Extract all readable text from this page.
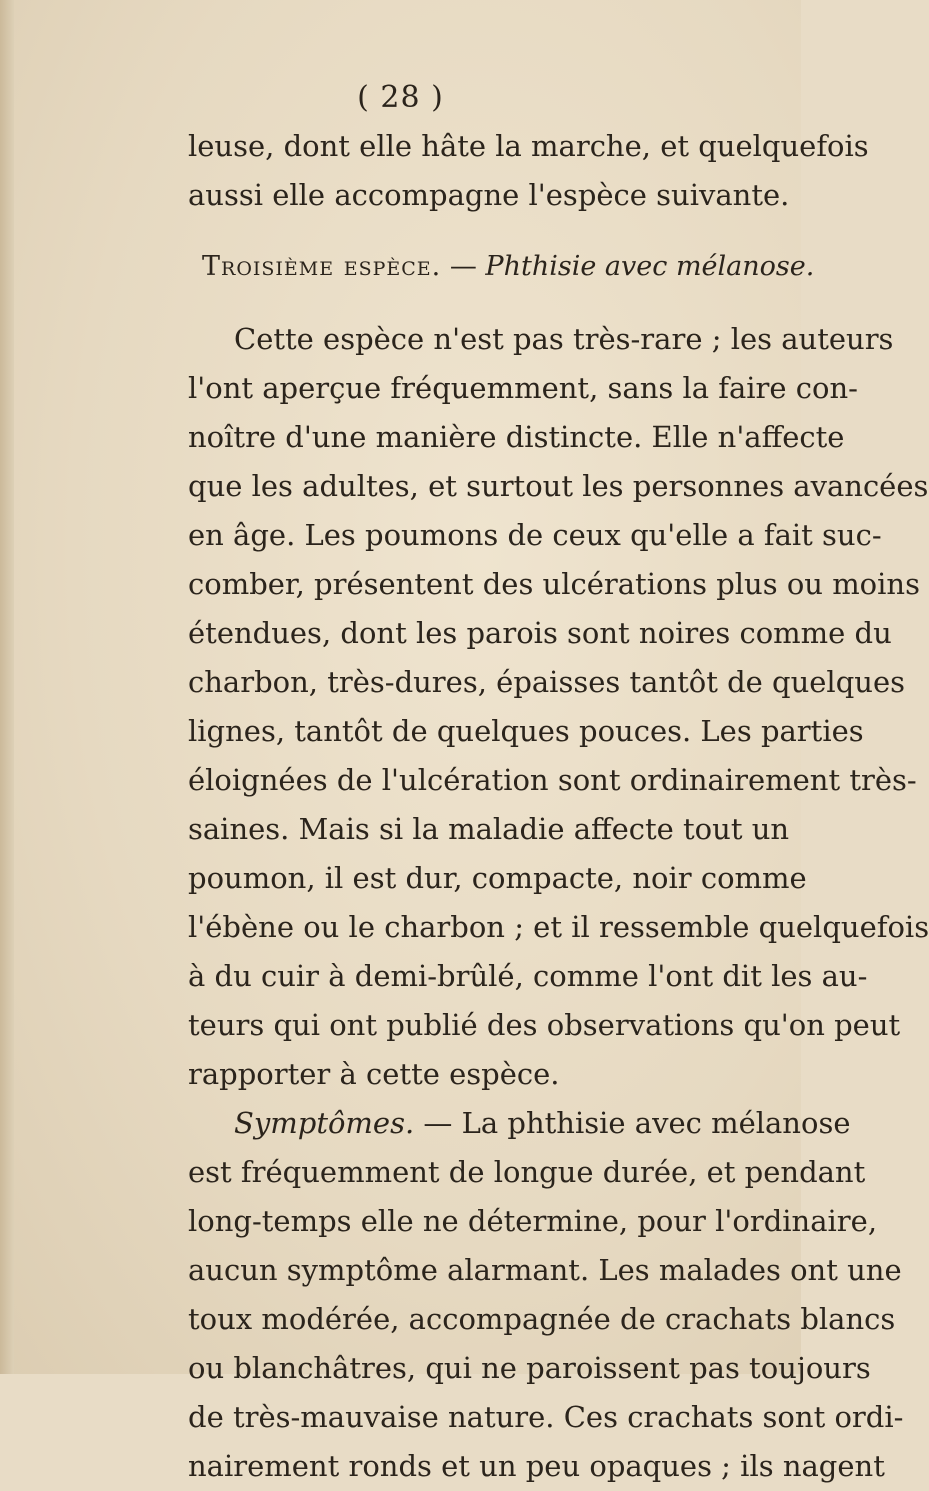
( 28 )
leuse, dont elle hâte la marche, et quelquefois
aussi elle accompagne l'espèce suivante.
Troisième espèce. — Phthisie avec mélanose.
Cette espèce n'est pas très-rare ; les auteurs
l'ont aperçue fréquemment, sans la faire con-
noître d'une manière distincte. Elle n'affecte
que les adultes, et surtout les personnes avancées
en âge. Les poumons de ceux qu'elle a fait suc-
comber, présentent des ulcérations plus ou moins
étendues, dont les parois sont noires comme du
charbon, très-dures, épaisses tantôt de quelques
lignes, tantôt de quelques pouces. Les parties
éloignées de l'ulcération sont ordinairement très-
saines. Mais si la maladie affecte tout un
poumon, il est dur, compacte, noir comme
l'ébène ou le charbon ; et il ressemble quelquefois
à du cuir à demi-brûlé, comme l'ont dit les au-
teurs qui ont publié des observations qu'on peut
rapporter à cette espèce.
Symptômes. — La phthisie avec mélanose
est fréquemment de longue durée, et pendant
long-temps elle ne détermine, pour l'ordinaire,
aucun symptôme alarmant. Les malades ont une
toux modérée, accompagnée de crachats blancs
ou blanchâtres, qui ne paroissent pas toujours
de très-mauvaise nature. Ces crachats sont ordi-
nairement ronds et un peu opaques ; ils nagent
